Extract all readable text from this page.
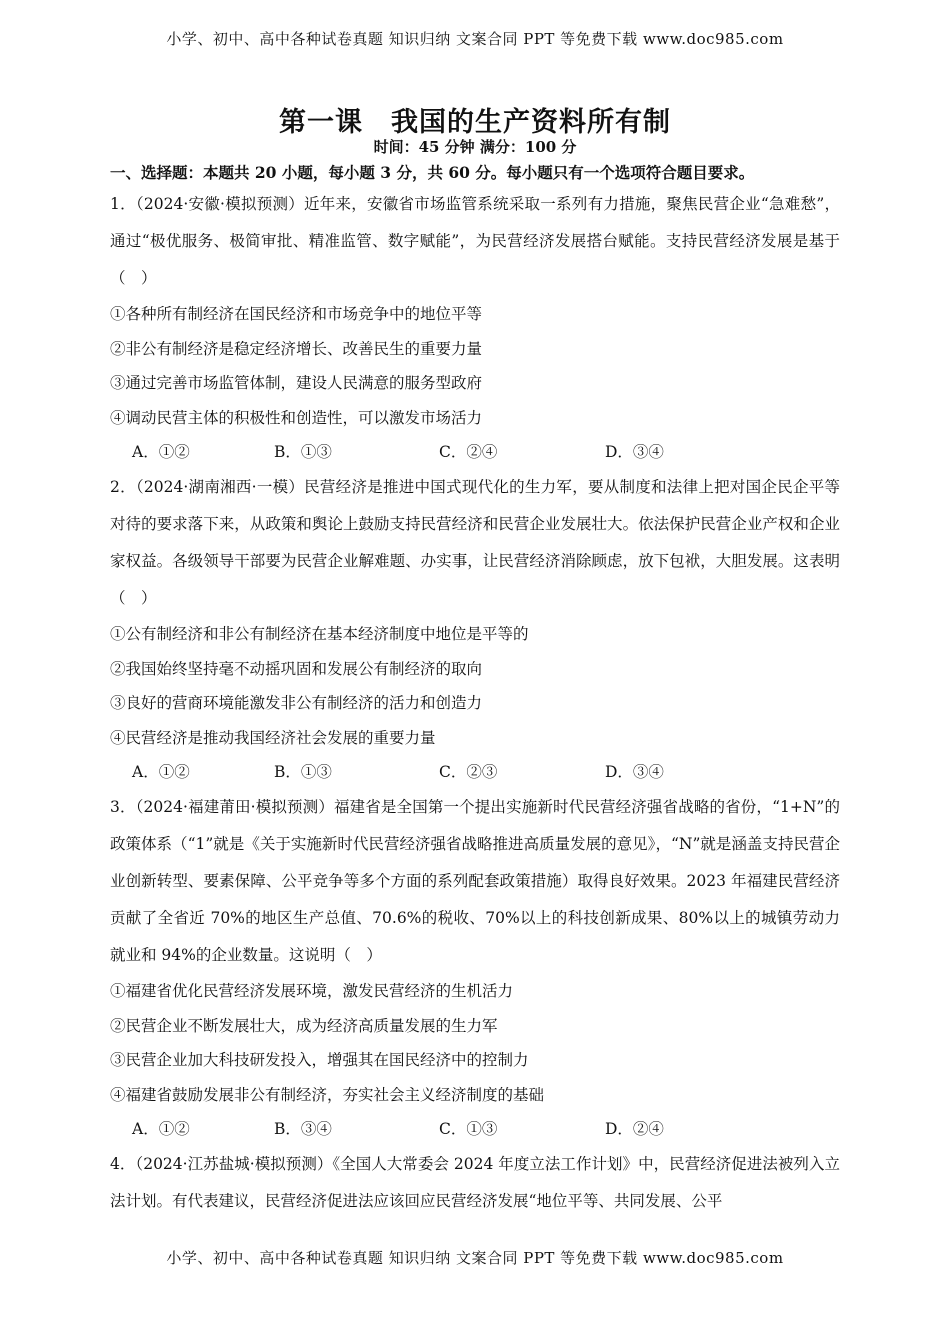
小学、初中、高中各种试卷真题 知识归纳 文案合同 PPT 等免费下载 www.doc985.com
第一课　我国的生产资料所有制
时间：45 分钟 满分：100 分

一、选择题：本题共 20 小题，每小题 3 分，共 60 分。每小题只有一个选项符合题目要求。

1．（2024·安徽·模拟预测）近年来，安徽省市场监管系统采取一系列有力措施，聚焦民营企业“急难愁”，通过“极优服务、极简审批、精准监管、数字赋能”，为民营经济发展搭台赋能。支持民营经济发展是基于（　）

①各种所有制经济在国民经济和市场竞争中的地位平等

②非公有制经济是稳定经济增长、改善民生的重要力量

③通过完善市场监管体制，建设人民满意的服务型政府

④调动民营主体的积极性和创造性，可以激发市场活力

A．①②	B．①③	C．②④	D．③④

2．（2024·湖南湘西·一模）民营经济是推进中国式现代化的生力军，要从制度和法律上把对国企民企平等对待的要求落下来，从政策和舆论上鼓励支持民营经济和民营企业发展壮大。依法保护民营企业产权和企业家权益。各级领导干部要为民营企业解难题、办实事，让民营经济消除顾虑，放下包袱，大胆发展。这表明（　）

①公有制经济和非公有制经济在基本经济制度中地位是平等的

②我国始终坚持毫不动摇巩固和发展公有制经济的取向

③良好的营商环境能激发非公有制经济的活力和创造力

④民营经济是推动我国经济社会发展的重要力量

A．①②	B．①③	C．②③	D．③④

3．（2024·福建莆田·模拟预测）福建省是全国第一个提出实施新时代民营经济强省战略的省份，“1+N”的政策体系（“1”就是《关于实施新时代民营经济强省战略推进高质量发展的意见》，“N”就是涵盖支持民营企业创新转型、要素保障、公平竞争等多个方面的系列配套政策措施）取得良好效果。2023 年福建民营经济贡献了全省近 70%的地区生产总值、70.6%的税收、70%以上的科技创新成果、80%以上的城镇劳动力就业和 94%的企业数量。这说明（　）

①福建省优化民营经济发展环境，激发民营经济的生机活力

②民营企业不断发展壮大，成为经济高质量发展的生力军

③民营企业加大科技研发投入，增强其在国民经济中的控制力

④福建省鼓励发展非公有制经济，夯实社会主义经济制度的基础

A．①②	B．③④	C．①③	D．②④

4．（2024·江苏盐城·模拟预测）《全国人大常委会 2024 年度立法工作计划》中，民营经济促进法被列入立法计划。有代表建议，民营经济促进法应该回应民营经济发展“地位平等、共同发展、公平

小学、初中、高中各种试卷真题 知识归纳 文案合同 PPT 等免费下载 www.doc985.com
